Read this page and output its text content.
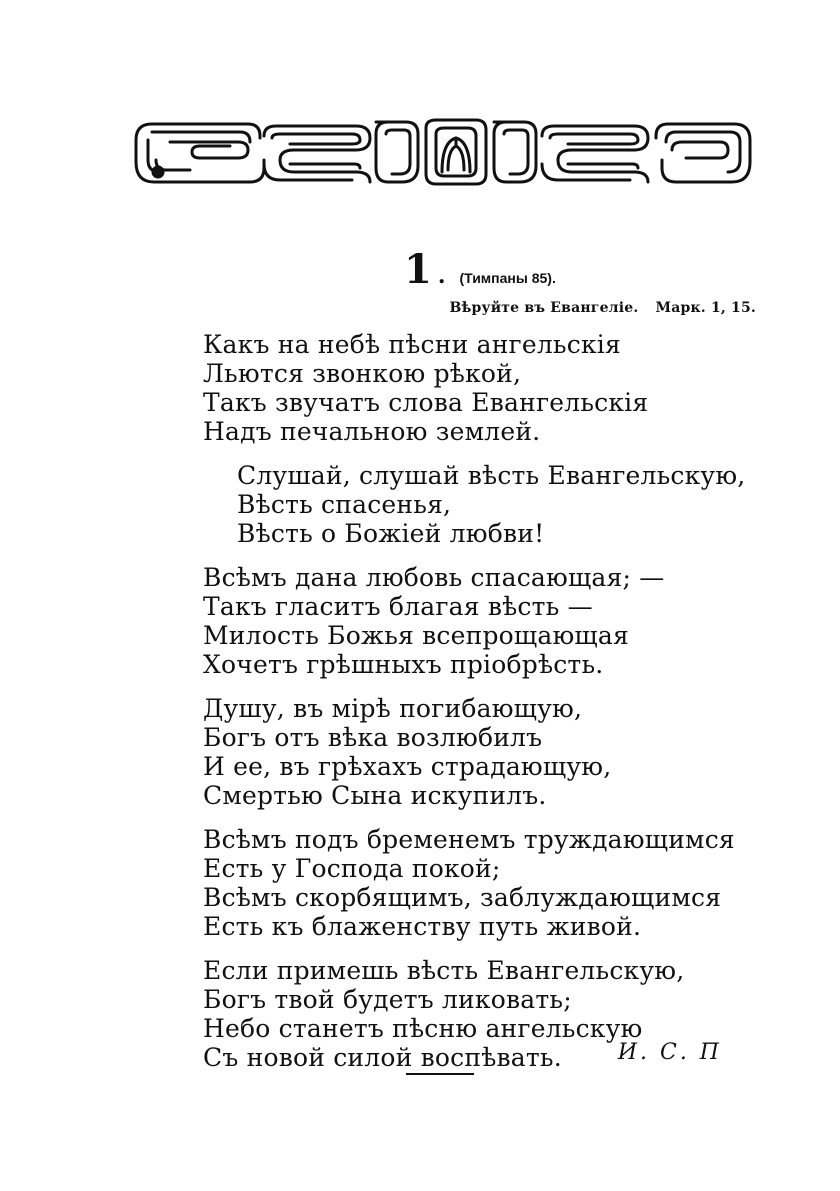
1 . (Тимпаны 85).
Вѣруйте въ Евангеліе. Марк. 1, 15.
Какъ на небѣ пѣсни ангельскія
Льются звонкою рѣкой,
Такъ звучатъ слова Евангельскія
Надъ печальною землей.
Слушай, слушай вѣсть Евангельскую,
Вѣсть спасенья,
Вѣсть о Божіей любви!
Всѣмъ дана любовь спасающая; —
Такъ гласитъ благая вѣсть —
Милость Божья всепрощающая
Хочетъ грѣшныхъ пріобрѣсть.
Душу, въ мірѣ погибающую,
Богъ отъ вѣка возлюбилъ
И ее, въ грѣхахъ страдающую,
Смертью Сына искупилъ.
Всѣмъ подъ бременемъ труждающимся
Есть у Господа покой;
Всѣмъ скорбящимъ, заблуждающимся
Есть къ блаженству путь живой.
Если примешь вѣсть Евангельскую,
Богъ твой будетъ ликовать;
Небо станетъ пѣсню ангельскую
Съ новой силой воспѣвать.	И. С. П
